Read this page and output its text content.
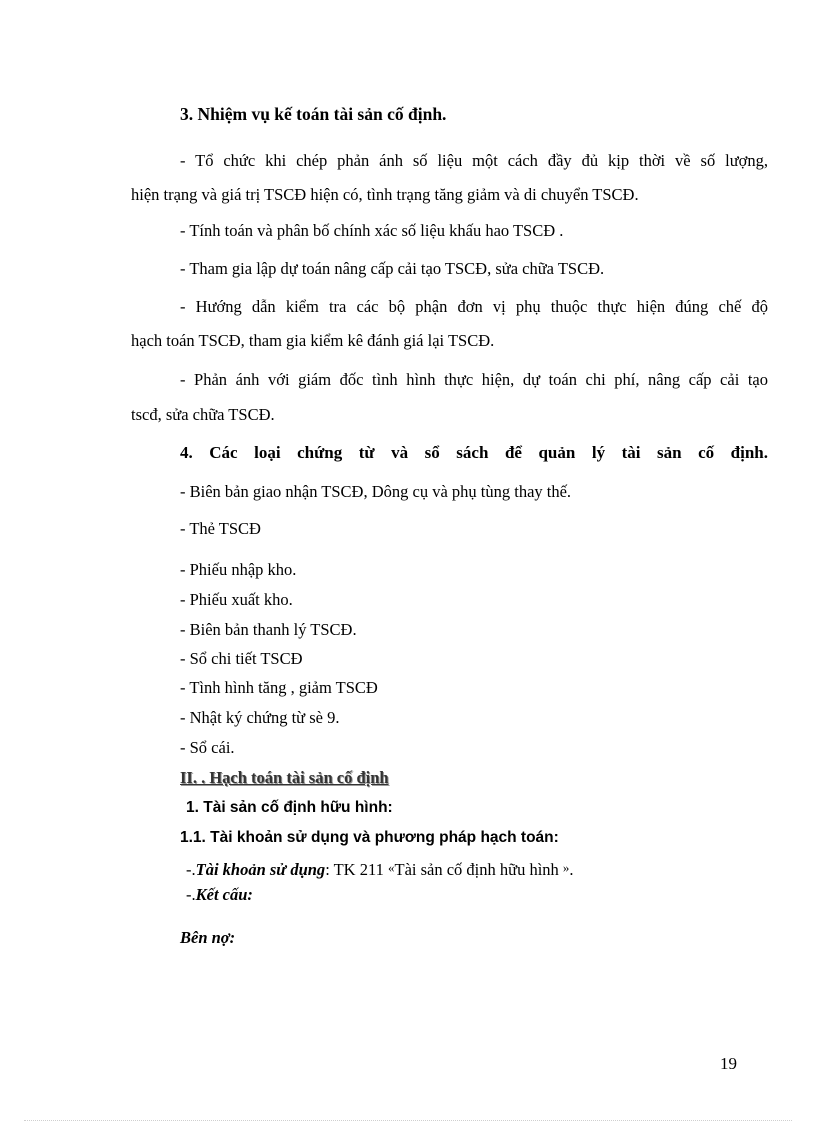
3. Nhiệm vụ kế toán tài sản cố định.
- Tổ chức khi chép phản ánh số liệu một cách đầy đủ kịp thời về số lượng,
hiện trạng và giá trị TSCĐ hiện có, tình trạng tăng giảm và di chuyển TSCĐ.
- Tính toán và phân bố chính xác số liệu khấu hao TSCĐ .
- Tham gia lập dự toán nâng cấp cải tạo TSCĐ, sửa chữa TSCĐ.
- Hướng dẫn kiểm tra các bộ phận đơn vị phụ thuộc thực hiện đúng chế độ
hạch toán TSCĐ, tham gia kiểm kê đánh giá lại TSCĐ.
- Phản ánh với giám đốc tình hình thực hiện, dự toán chi phí, nâng cấp cải tạo
tscđ, sửa chữa TSCĐ.
4. Các loại chứng từ và sổ sách để quản lý tài sản cố định.
- Biên bản giao nhận TSCĐ, Dông cụ và phụ tùng thay thế.
- Thẻ TSCĐ
- Phiếu nhập kho.
- Phiếu xuất kho.
- Biên bản thanh lý TSCĐ.
- Sổ chi tiết TSCĐ
- Tình hình tăng , giảm TSCĐ
- Nhật ký chứng từ sè 9.
- Sổ cái.
II. . Hạch toán tài sản cố định
1. Tài sản cố định hữu hình:
1.1. Tài khoản sử dụng và phương pháp hạch toán:
-.Tài khoản sử dụng: TK 211 «Tài sản cố định hữu hình ».
-.Kết cấu:
Bên nợ:
19
